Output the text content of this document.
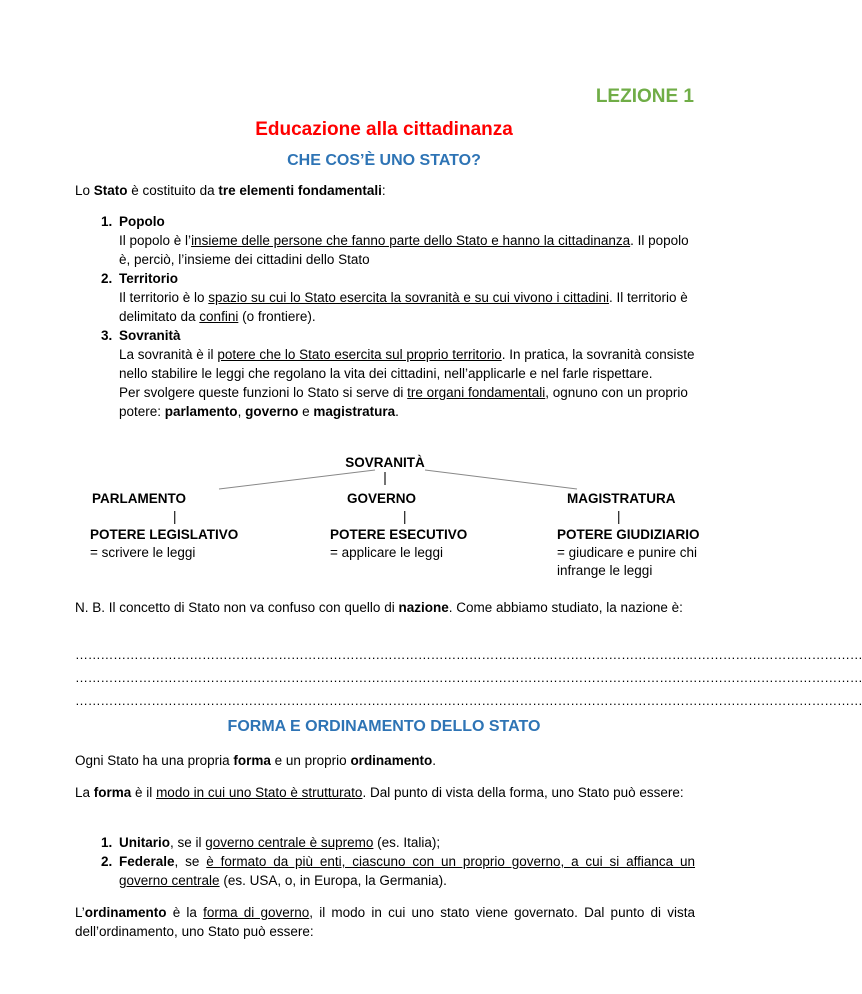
LEZIONE 1
Educazione alla cittadinanza
CHE COS’È UNO STATO?
Lo Stato è costituito da tre elementi fondamentali:
1. Popolo
Il popolo è l’insieme delle persone che fanno parte dello Stato e hanno la cittadinanza. Il popolo è, perciò, l’insieme dei cittadini dello Stato
2. Territorio
Il territorio è lo spazio su cui lo Stato esercita la sovranità e su cui vivono i cittadini. Il territorio è delimitato da confini (o frontiere).
3. Sovranità
La sovranità è il potere che lo Stato esercita sul proprio territorio. In pratica, la sovranità consiste nello stabilire le leggi che regolano la vita dei cittadini, nell’applicarle e nel farle rispettare.
Per svolgere queste funzioni lo Stato si serve di tre organi fondamentali, ognuno con un proprio potere: parlamento, governo e magistratura.
SOVRANITÀ
|
PARLAMENTO
|
POTERE LEGISLATIVO
= scrivere le leggi
GOVERNO
|
POTERE ESECUTIVO
= applicare le leggi
MAGISTRATURA
|
POTERE GIUDIZIARIO
= giudicare e punire chi infrange le leggi
N. B. Il concetto di Stato non va confuso con quello di nazione. Come abbiamo studiato, la nazione è:
……………………………………………………………………………………………………………………………………………………………………
……………………………………………………………………………………………………………………………………………………………………
……………………………………………………………………………………………………………………………………………………………………
FORMA E ORDINAMENTO DELLO STATO
Ogni Stato ha una propria forma e un proprio ordinamento.
La forma è il modo in cui uno Stato è strutturato. Dal punto di vista della forma, uno Stato può essere:
1. Unitario, se il governo centrale è supremo (es. Italia);
2. Federale, se è formato da più enti, ciascuno con un proprio governo, a cui si affianca un governo centrale (es. USA, o, in Europa, la Germania).
L’ordinamento è la forma di governo, il modo in cui uno stato viene governato. Dal punto di vista dell’ordinamento, uno Stato può essere:
